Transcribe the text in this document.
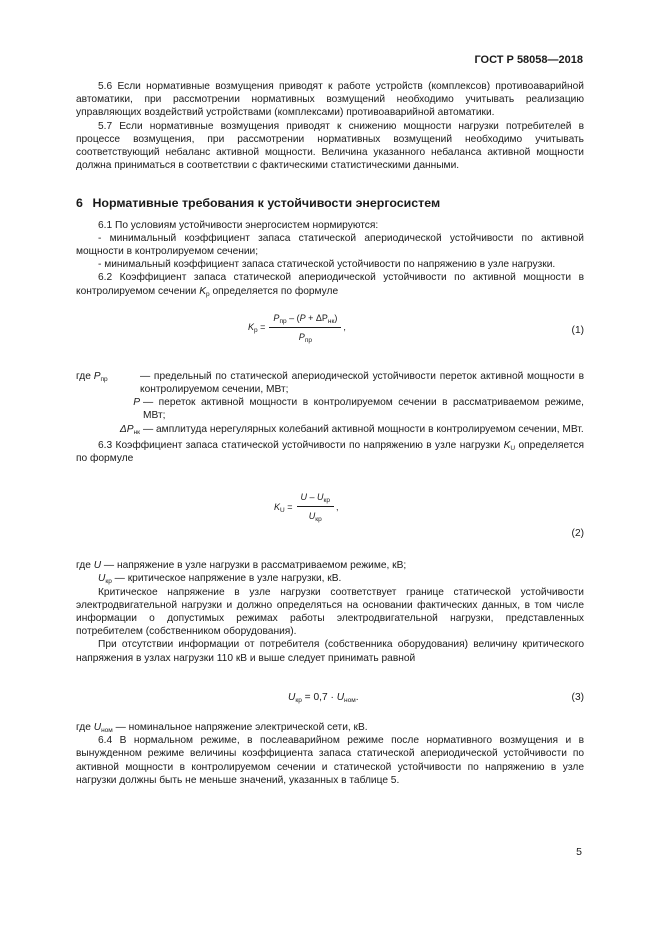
ГОСТ Р 58058—2018

5.6 Если нормативные возмущения приводят к работе устройств (комплексов) противоаварийной автоматики, при рассмотрении нормативных возмущений необходимо учитывать реализацию управляющих воздействий устройствами (комплексами) противоаварийной автоматики.

5.7 Если нормативные возмущения приводят к снижению мощности нагрузки потребителей в процессе возмущения, при рассмотрении нормативных возмущений необходимо учитывать соответствующий небаланс активной мощности. Величина указанного небаланса активной мощности должна приниматься в соответствии с фактическими статистическими данными.

6 Нормативные требования к устойчивости энергосистем

6.1 По условиям устойчивости энергосистем нормируются:

- минимальный коэффициент запаса статической апериодической устойчивости по активной мощности в контролируемом сечении;

- минимальный коэффициент запаса статической устойчивости по напряжению в узле нагрузки.

6.2 Коэффициент запаса статической апериодической устойчивости по активной мощности в контролируемом сечении $K_р$ определяется по формуле

$K_р$ =
$P_{пр} - (P + \Delta P_{нк})$
$P_{пр}$
,	(1)
где $P_{пр}$	— предельный по статической апериодической устойчивости переток активной мощности в контролируемом сечении, МВт;
P — переток активной мощности в контролируемом сечении в рассматриваемом режиме, МВт;
$\Delta P_{нк}$ — амплитуда нерегулярных колебаний активной мощности в контролируемом сечении, МВт.

6.3 Коэффициент запаса статической устойчивости по напряжению в узле нагрузки $K_U$ определяется по формуле

$K_U$ =
U – $U_{кр}$
$U_{кр}$
,
(2)

где U — напряжение в узле нагрузки в рассматриваемом режиме, кВ;

$U_{кр}$ — критическое напряжение в узле нагрузки, кВ.

Критическое напряжение в узле нагрузки соответствует границе статической устойчивости электродвигательной нагрузки и должно определяться на основании фактических данных, в том числе информации о допустимых режимах работы электродвигательной нагрузки, представленных потребителем (собственником оборудования).

При отсутствии информации от потребителя (собственника оборудования) величину критического напряжения в узлах нагрузки 110 кВ и выше следует принимать равной

$U_{кр} = 0,7 \cdot U_{ном}$.	(3)

где $U_{ном}$ — номинальное напряжение электрической сети, кВ.

6.4 В нормальном режиме, в послеаварийном режиме после нормативного возмущения и в вынужденном режиме величины коэффициента запаса статической апериодической устойчивости по активной мощности в контролируемом сечении и статической устойчивости по напряжению в узле нагрузки должны быть не меньше значений, указанных в таблице 5.

5
